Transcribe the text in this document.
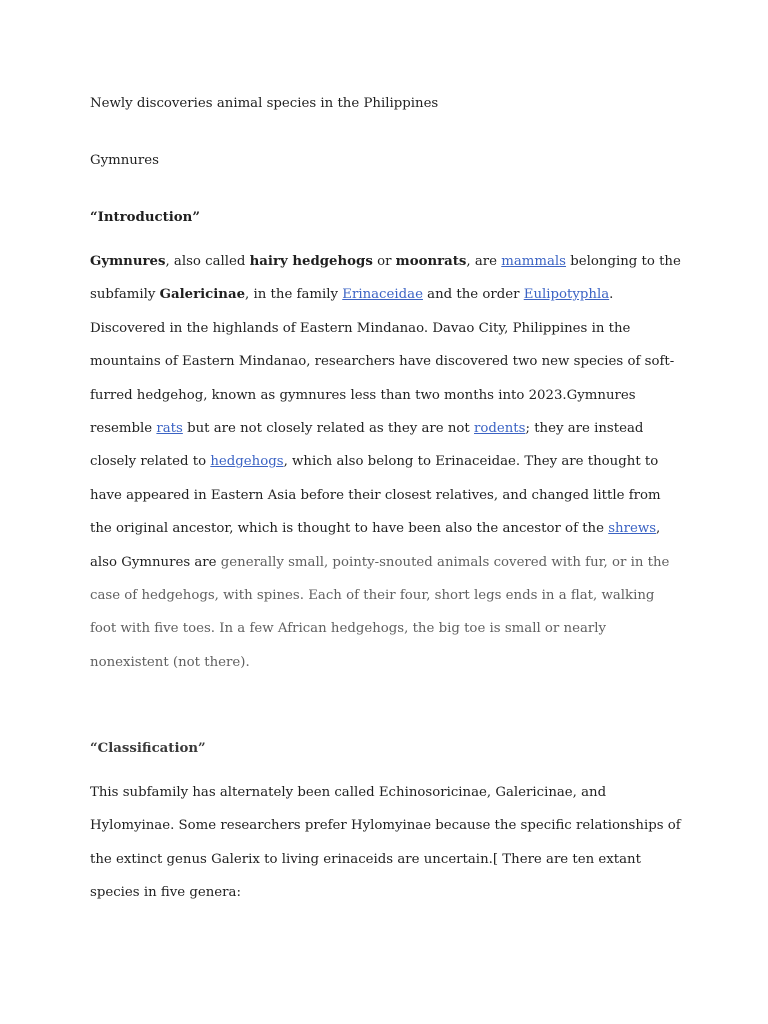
Newly discoveries animal species in the Philippines

Gymnures

“Introduction”

Gymnures, also called hairy hedgehogs or moonrats, are mammals belonging to the
subfamily Galericinae, in the family Erinaceidae and the order Eulipotyphla.
Discovered in the highlands of Eastern Mindanao. Davao City, Philippines in the
mountains of Eastern Mindanao, researchers have discovered two new species of soft-
furred hedgehog, known as gymnures less than two months into 2023.Gymnures
resemble rats but are not closely related as they are not rodents; they are instead
closely related to hedgehogs, which also belong to Erinaceidae. They are thought to
have appeared in Eastern Asia before their closest relatives, and changed little from
the original ancestor, which is thought to have been also the ancestor of the shrews,
also Gymnures are generally small, pointy-snouted animals covered with fur, or in the
case of hedgehogs, with spines. Each of their four, short legs ends in a flat, walking
foot with five toes. In a few African hedgehogs, the big toe is small or nearly
nonexistent (not there).

“Classification”

This subfamily has alternately been called Echinosoricinae, Galericinae, and
Hylomyinae. Some researchers prefer Hylomyinae because the specific relationships of
the extinct genus Galerix to living erinaceids are uncertain.[ There are ten extant
species in five genera:
